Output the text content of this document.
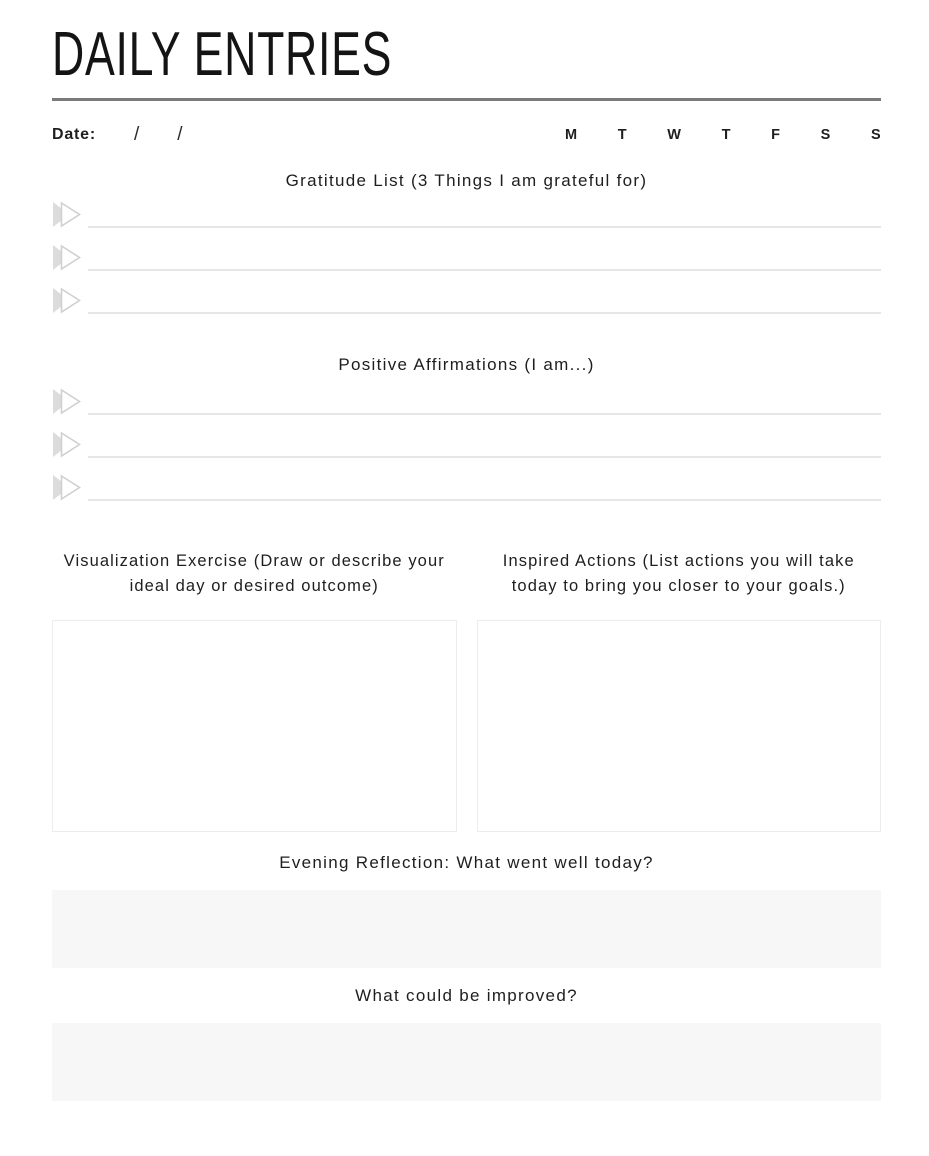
DAILY ENTRIES
Date: / /	M	T	W	T	F	S	S
Gratitude List (3 Things I am grateful for)
Positive Affirmations (I am...)
Visualization Exercise (Draw or describe your ideal day or desired outcome)
Inspired Actions (List actions you will take today to bring you closer to your goals.)
Evening Reflection: What went well today?
What could be improved?
